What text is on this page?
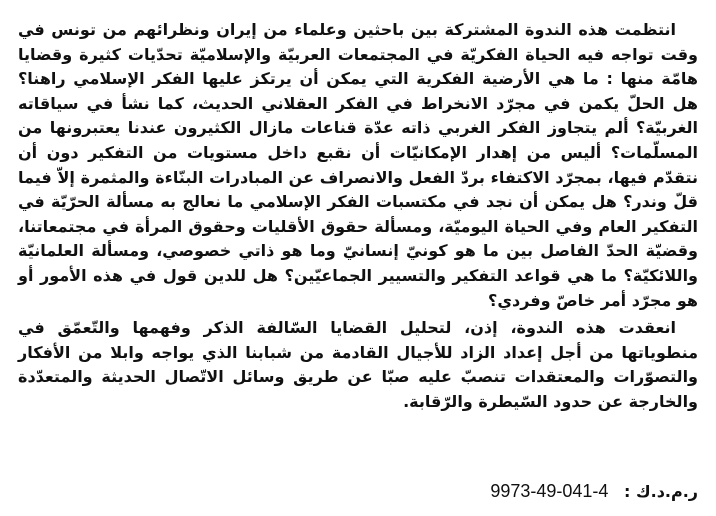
انتظمت هذه الندوة المشتركة بين باحثين وعلماء من إيران ونظرائهم من تونس في وقت تواجه فيه الحياة الفكريّة في المجتمعات العربيّة والإسلاميّة تحدّيات كثيرة وقضايا هامّة منها : ما هي الأرضية الفكرية التي يمكن أن يرتكز عليها الفكر الإسلامي راهنا؟ هل الحلّ يكمن في مجرّد الانخراط في الفكر العقلاني الحديث، كما نشأ في سياقاته الغربيّة؟ ألم يتجاوز الفكر الغربي ذاته عدّة قناعات مازال الكثيرون عندنا يعتبرونها من المسلّمات؟ أليس من إهدار الإمكانيّات أن نقبع داخل مستويات من التفكير دون أن نتقدّم فيها، بمجرّد الاكتفاء بردّ الفعل والانصراف عن المبادرات البنّاءة والمثمرة إلاّ فيما قلّ وندر؟ هل يمكن أن نجد في مكتسبات الفكر الإسلامي ما نعالج به مسألة الحرّيّة في التفكير العام وفي الحياة اليوميّة، ومسألة حقوق الأقليات وحقوق المرأة في مجتمعاتنا، وقضيّة الحدّ الفاصل بين ما هو كونيّ إنسانيّ وما هو ذاتي خصوصي، ومسألة العلمانيّة واللائكيّة؟ ما هي قواعد التفكير والتسيير الجماعيّين؟ هل للدين قول في هذه الأمور أو هو مجرّد أمر خاصّ وفردي؟

انعقدت هذه الندوة، إذن، لتحليل القضايا السّالفة الذكر وفهمها والتّعمّق في منطوياتها من أجل إعداد الزاد للأجيال القادمة من شبابنا الذي يواجه وابلا من الأفكار والتصوّرات والمعتقدات تنصبّ عليه صبّا عن طريق وسائل الاتّصال الحديثة والمتعدّدة والخارجة عن حدود السّيطرة والرّقابة.

ر.م.د.ك : 9973-49-041-4
